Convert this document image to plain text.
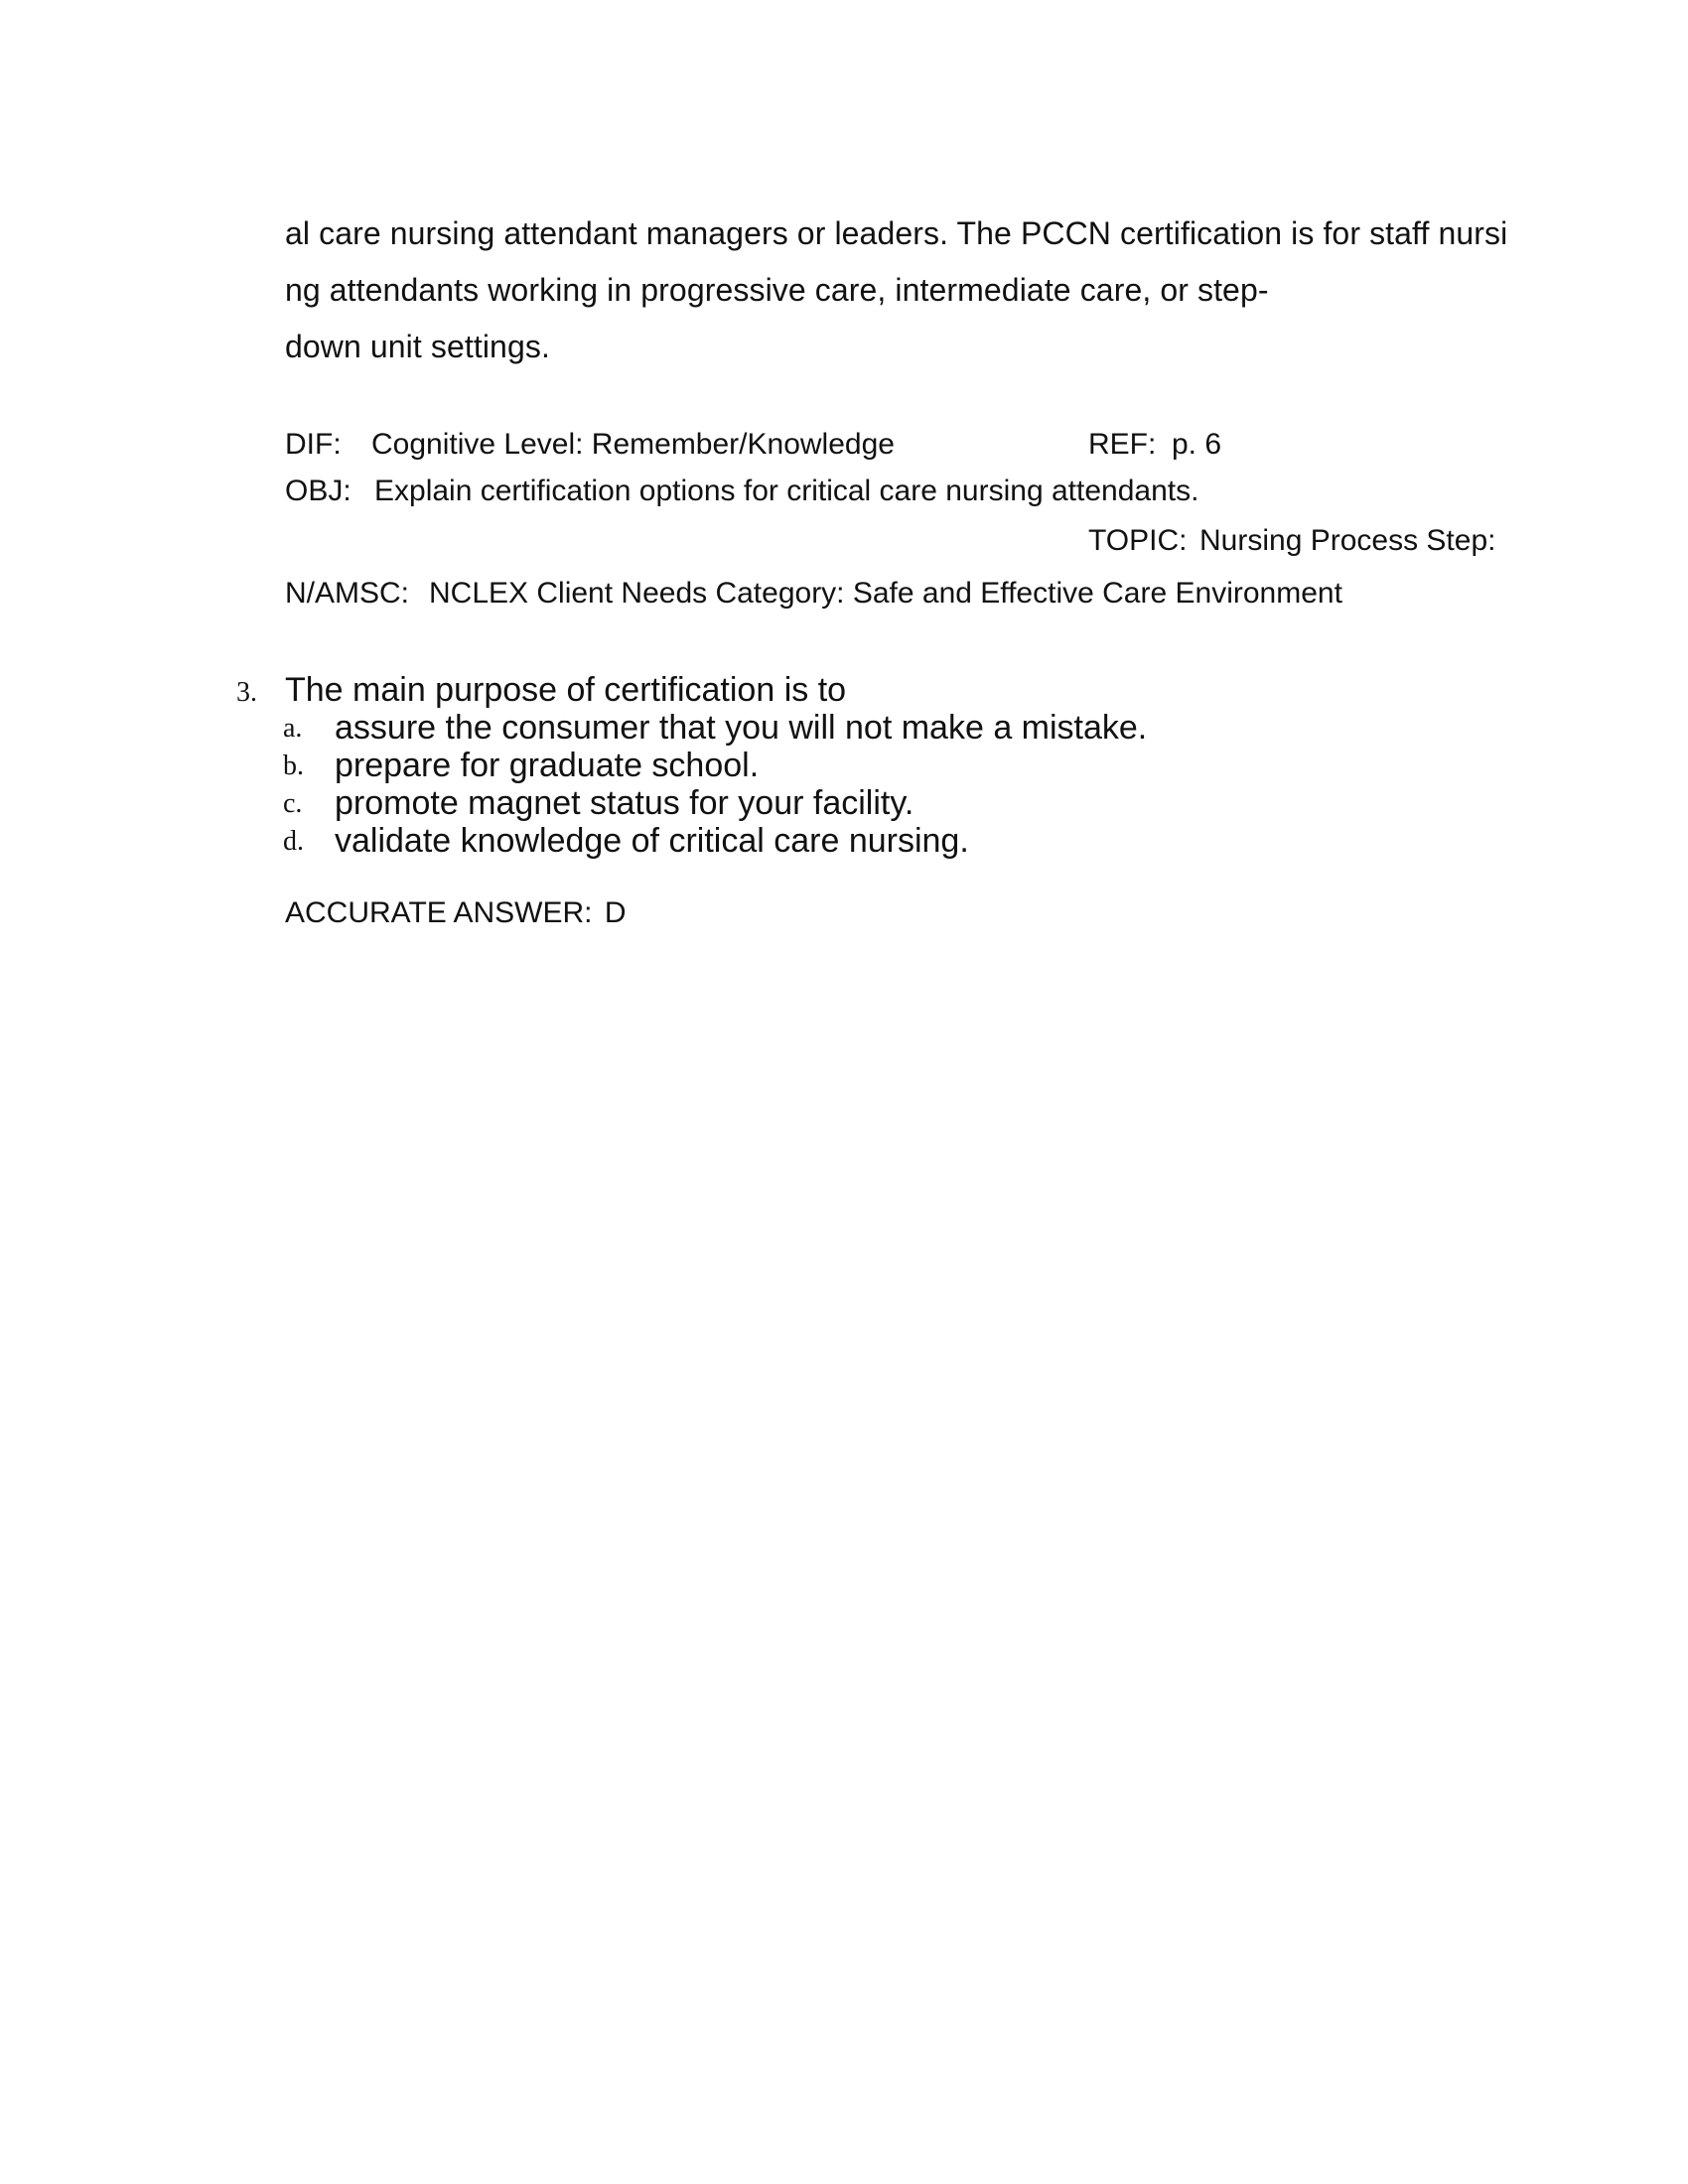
al care nursing attendant managers or leaders. The PCCN certification is for staff nursi
ng attendants working in progressive care, intermediate care, or step-
down unit settings.
DIF: Cognitive Level: Remember/Knowledge	REF: p. 6
OBJ: Explain certification options for critical care nursing attendants.
TOPIC: Nursing Process Step:
N/AMSC: NCLEX Client Needs Category: Safe and Effective Care Environment
3. The main purpose of certification is to
a. assure the consumer that you will not make a mistake.
b. prepare for graduate school.
c. promote magnet status for your facility.
d. validate knowledge of critical care nursing.
ACCURATE ANSWER: D
